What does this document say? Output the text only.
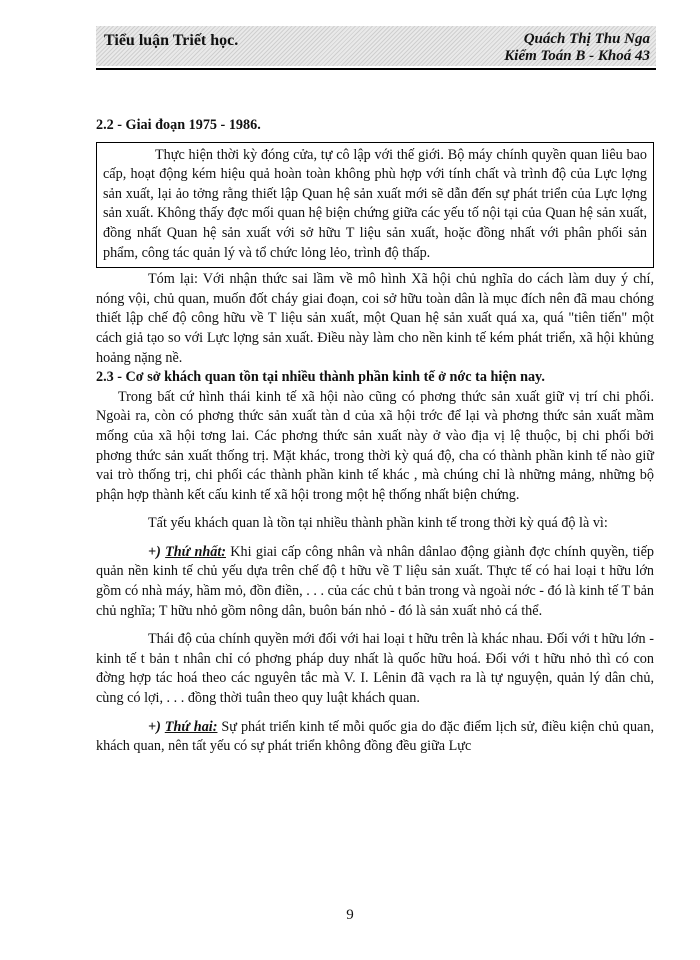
Tiểu luận Triết học.	Quách Thị Thu Nga
Kiểm Toán B - Khoá 43
2.2 - Giai đoạn 1975 - 1986.

Thực hiện thời kỳ đóng cửa, tự cô lập với thế giới. Bộ máy chính quyền quan liêu bao cấp, hoạt động kém hiệu quả hoàn toàn không phù hợp với tính chất và trình độ của Lực lợng sản xuất, lại ảo tởng rằng thiết lập Quan hệ sản xuất mới sẽ dẫn đến sự phát triển của Lực lợng sản xuất. Không thấy đợc mối quan hệ biện chứng giữa các yếu tố nội tại của Quan hệ sản xuất, đồng nhất Quan hệ sản xuất với sở hữu T liệu sản xuất, hoặc đồng nhất với phân phối sản phẩm, công tác quản lý và tổ chức lỏng lẻo, trình độ thấp.

Tóm lại: Với nhận thức sai lầm về mô hình Xã hội chủ nghĩa do cách làm duy ý chí, nóng vội, chủ quan, muốn đốt cháy giai đoạn, coi sở hữu toàn dân là mục đích nên đã mau chóng thiết lập chế độ công hữu về T liệu sản xuất, một Quan hệ sản xuất quá xa, quá "tiên tiến" một cách giả tạo so với Lực lợng sản xuất. Điều này làm cho nền kinh tế kém phát triển, xã hội khủng hoảng nặng nề.

2.3 - Cơ sở khách quan tồn tại nhiều thành phần kinh tế ở nớc ta hiện nay.

Trong bất cứ hình thái kinh tế xã hội nào cũng có phơng thức sản xuất giữ vị trí chi phối. Ngoài ra, còn có phơng thức sản xuất tàn d của xã hội trớc để lại và phơng thức sản xuất mầm mống của xã hội tơng lai. Các phơng thức sản xuất này ở vào địa vị lệ thuộc, bị chi phối bởi phơng thức sản xuất thống trị. Mặt khác, trong thời kỳ quá độ, cha có thành phần kinh tế nào giữ vai trò thống trị, chi phối các thành phần kinh tế khác , mà chúng chỉ là những mảng, những bộ phận hợp thành kết cấu kinh tế xã hội trong một hệ thống nhất biện chứng.

Tất yếu khách quan là tồn tại nhiều thành phần kinh tế trong thời kỳ quá độ là vì:

+) Thứ nhất: Khi giai cấp công nhân và nhân dânlao động giành đợc chính quyền, tiếp quản nền kinh tế chủ yếu dựa trên chế độ t hữu về T liệu sản xuất. Thực tế có hai loại t hữu lớn gồm có nhà máy, hầm mỏ, đồn điền, . . . của các chủ t bản trong và ngoài nớc - đó là kinh tế T bản chủ nghĩa; T hữu nhỏ gồm nông dân, buôn bán nhỏ - đó là sản xuất nhỏ cá thể.

Thái độ của chính quyền mới đối với hai loại t hữu trên là khác nhau. Đối với t hữu lớn - kinh tế t bản t nhân chỉ có phơng pháp duy nhất là quốc hữu hoá. Đối với t hữu nhỏ thì có con đờng hợp tác hoá theo các nguyên tắc mà V. I. Lênin đã vạch ra là tự nguyện, quản lý dân chủ, cùng có lợi, . . . đồng thời tuân theo quy luật khách quan.

+) Thứ hai: Sự phát triển kinh tế mỗi quốc gia do đặc điểm lịch sử, điều kiện chủ quan, khách quan, nên tất yếu có sự phát triển không đồng đều giữa Lực

9
